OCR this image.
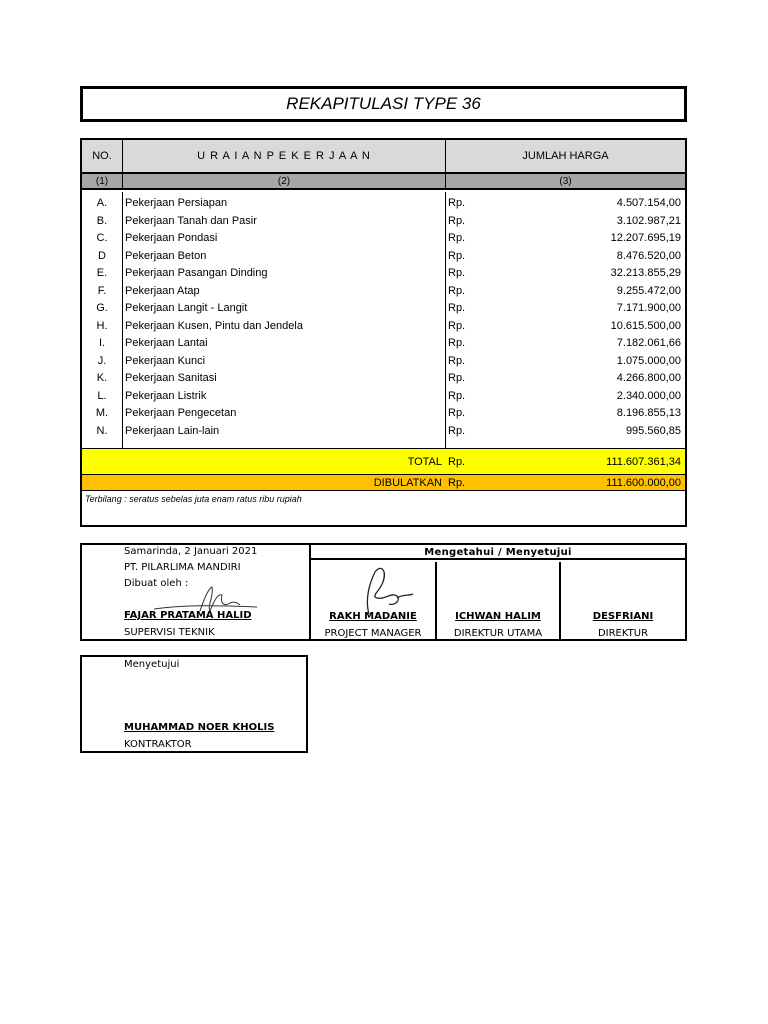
REKAPITULASI TYPE 36
NO.	U R A I A N P E K E R J A A N	JUMLAH HARGA
(1)	(2)	(3)
A.	Pekerjaan Persiapan	Rp.	4.507.154,00
B.	Pekerjaan Tanah dan Pasir	Rp.	3.102.987,21
C.	Pekerjaan Pondasi	Rp.	12.207.695,19
D	Pekerjaan Beton	Rp.	8.476.520,00
E.	Pekerjaan Pasangan Dinding	Rp.	32.213.855,29
F.	Pekerjaan Atap	Rp.	9.255.472,00
G.	Pekerjaan Langit - Langit	Rp.	7.171.900,00
H.	Pekerjaan Kusen, Pintu dan Jendela	Rp.	10.615.500,00
I.	Pekerjaan Lantai	Rp.	7.182.061,66
J.	Pekerjaan Kunci	Rp.	1.075.000,00
K.	Pekerjaan Sanitasi	Rp.	4.266.800,00
L.	Pekerjaan Listrik	Rp.	2.340.000,00
M.	Pekerjaan Pengecetan	Rp.	8.196.855,13
N.	Pekerjaan Lain-lain	Rp.	995.560,85
TOTAL Rp.	111.607.361,34
DIBULATKAN Rp.	111.600.000,00
Terbilang : seratus sebelas juta enam ratus ribu rupiah
Samarinda, 2 Januari 2021
PT. PILARLIMA MANDIRI
Dibuat oleh :
FAJAR PRATAMA HALID
SUPERVISI TEKNIK
Mengetahui / Menyetujui
RAKH MADANIE
PROJECT MANAGER
ICHWAN HALIM
DIREKTUR UTAMA
DESFRIANI
DIREKTUR
Menyetujui
MUHAMMAD NOER KHOLIS
KONTRAKTOR
